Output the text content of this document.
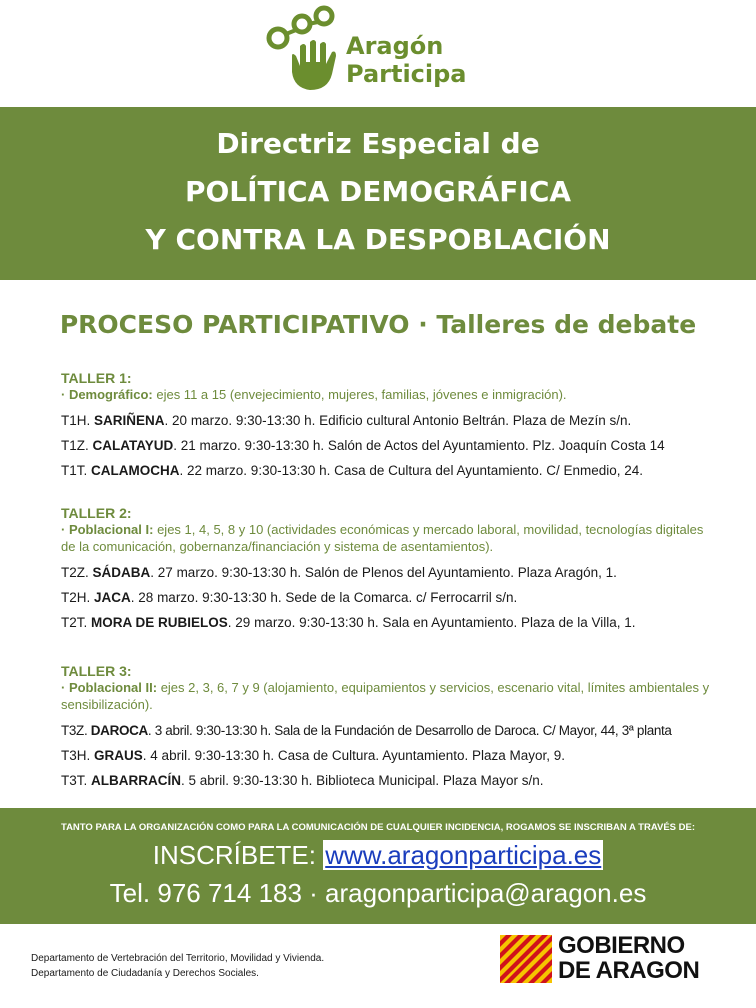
Aragón
Participa
Directriz Especial de
POLÍTICA DEMOGRÁFICA
Y CONTRA LA DESPOBLACIÓN
PROCESO PARTICIPATIVO · Talleres de debate
TALLER 1:
· Demográfico: ejes 11 a 15 (envejecimiento, mujeres, familias, jóvenes e inmigración).
T1H. SARIÑENA. 20 marzo. 9:30-13:30 h. Edificio cultural Antonio Beltrán. Plaza de Mezín s/n.
T1Z. CALATAYUD. 21 marzo. 9:30-13:30 h. Salón de Actos del Ayuntamiento. Plz. Joaquín Costa 14
T1T. CALAMOCHA. 22 marzo. 9:30-13:30 h. Casa de Cultura del Ayuntamiento. C/ Enmedio, 24.
TALLER 2:
· Poblacional I: ejes 1, 4, 5, 8 y 10 (actividades económicas y mercado laboral, movilidad, tecnologías digitales de la comunicación, gobernanza/financiación y sistema de asentamientos).
T2Z. SÁDABA. 27 marzo. 9:30-13:30 h. Salón de Plenos del Ayuntamiento. Plaza Aragón, 1.
T2H. JACA. 28 marzo. 9:30-13:30 h. Sede de la Comarca. c/ Ferrocarril s/n.
T2T. MORA DE RUBIELOS. 29 marzo. 9:30-13:30 h. Sala en Ayuntamiento. Plaza de la Villa, 1.
TALLER 3:
· Poblacional II: ejes 2, 3, 6, 7 y 9 (alojamiento, equipamientos y servicios, escenario vital, límites ambientales y sensibilización).
T3Z. DAROCA. 3 abril. 9:30-13:30 h. Sala de la Fundación de Desarrollo de Daroca. C/ Mayor, 44, 3ª planta
T3H. GRAUS. 4 abril. 9:30-13:30 h. Casa de Cultura. Ayuntamiento. Plaza Mayor, 9.
T3T. ALBARRACÍN. 5 abril. 9:30-13:30 h. Biblioteca Municipal. Plaza Mayor s/n.
TANTO PARA LA ORGANIZACIÓN COMO PARA LA COMUNICACIÓN DE CUALQUIER INCIDENCIA, ROGAMOS SE INSCRIBAN A TRAVÉS DE:
INSCRÍBETE: www.aragonparticipa.es
Tel. 976 714 183 · aragonparticipa@aragon.es
Departamento de Vertebración del Territorio, Movilidad y Vivienda.
Departamento de Ciudadanía y Derechos Sociales.
GOBIERNO
DE ARAGON
